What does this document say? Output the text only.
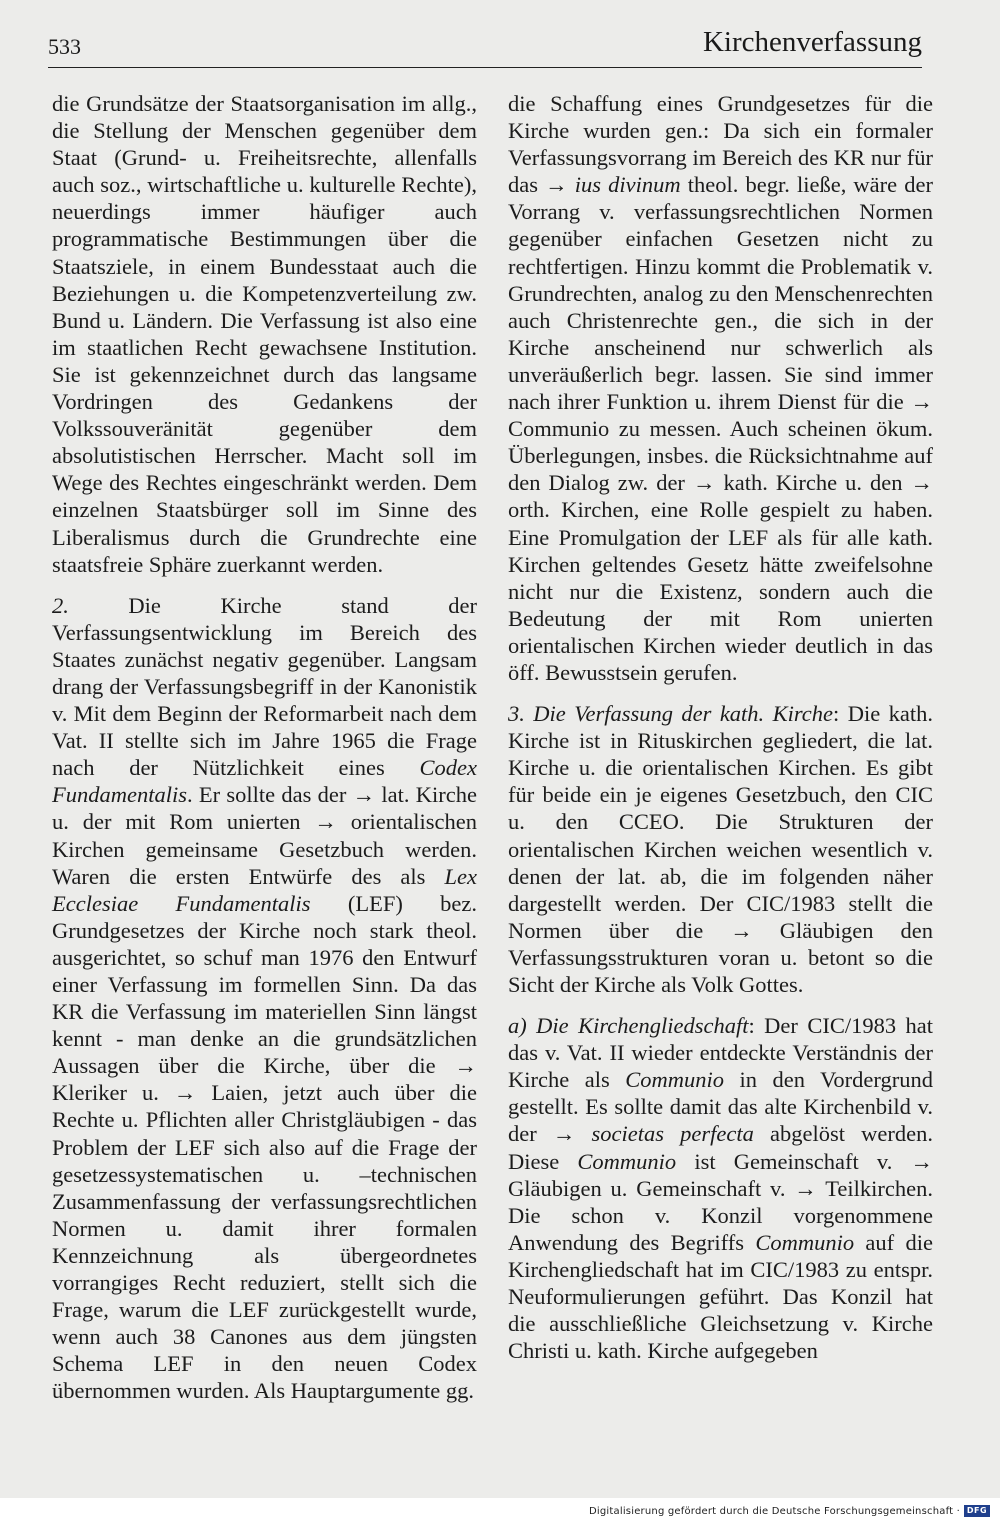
533	Kirchenverfassung

die Grundsätze der Staatsorganisation im allg., die Stellung der Menschen gegenüber dem Staat (Grund- u. Freiheitsrechte, allenfalls auch soz., wirtschaftliche u. kulturelle Rechte), neuerdings immer häufiger auch programmatische Bestimmungen über die Staatsziele, in einem Bundesstaat auch die Beziehungen u. die Kompetenzverteilung zw. Bund u. Ländern. Die Verfassung ist also eine im staatlichen Recht gewachsene Institution. Sie ist gekennzeichnet durch das langsame Vordringen des Gedankens der Volkssouveränität gegenüber dem absolutistischen Herrscher. Macht soll im Wege des Rechtes eingeschränkt werden. Dem einzelnen Staatsbürger soll im Sinne des Liberalismus durch die Grundrechte eine staatsfreie Sphäre zuerkannt werden.

2. Die Kirche stand der Verfassungsentwicklung im Bereich des Staates zunächst negativ gegenüber. Langsam drang der Verfassungsbegriff in der Kanonistik v. Mit dem Beginn der Reformarbeit nach dem Vat. II stellte sich im Jahre 1965 die Frage nach der Nützlichkeit eines Codex Fundamentalis. Er sollte das der → lat. Kirche u. der mit Rom unierten → orientalischen Kirchen gemeinsame Gesetzbuch werden. Waren die ersten Entwürfe des als Lex Ecclesiae Fundamentalis (LEF) bez. Grundgesetzes der Kirche noch stark theol. ausgerichtet, so schuf man 1976 den Entwurf einer Verfassung im formellen Sinn. Da das KR die Verfassung im materiellen Sinn längst kennt - man denke an die grundsätzlichen Aussagen über die Kirche, über die → Kleriker u. → Laien, jetzt auch über die Rechte u. Pflichten aller Christgläubigen - das Problem der LEF sich also auf die Frage der gesetzessystematischen u. –technischen Zusammenfassung der verfassungsrechtlichen Normen u. damit ihrer formalen Kennzeichnung als übergeordnetes vorrangiges Recht reduziert, stellt sich die Frage, warum die LEF zurückgestellt wurde, wenn auch 38 Canones aus dem jüngsten Schema LEF in den neuen Codex übernommen wurden. Als Hauptargumente gg.

die Schaffung eines Grundgesetzes für die Kirche wurden gen.: Da sich ein formaler Verfassungsvorrang im Bereich des KR nur für das → ius divinum theol. begr. ließe, wäre der Vorrang v. verfassungsrechtlichen Normen gegenüber einfachen Gesetzen nicht zu rechtfertigen. Hinzu kommt die Problematik v. Grundrechten, analog zu den Menschenrechten auch Christenrechte gen., die sich in der Kirche anscheinend nur schwerlich als unveräußerlich begr. lassen. Sie sind immer nach ihrer Funktion u. ihrem Dienst für die → Communio zu messen. Auch scheinen ökum. Überlegungen, insbes. die Rücksichtnahme auf den Dialog zw. der → kath. Kirche u. den → orth. Kirchen, eine Rolle gespielt zu haben. Eine Promulgation der LEF als für alle kath. Kirchen geltendes Gesetz hätte zweifelsohne nicht nur die Existenz, sondern auch die Bedeutung der mit Rom unierten orientalischen Kirchen wieder deutlich in das öff. Bewusstsein gerufen.

3. Die Verfassung der kath. Kirche: Die kath. Kirche ist in Rituskirchen gegliedert, die lat. Kirche u. die orientalischen Kirchen. Es gibt für beide ein je eigenes Gesetzbuch, den CIC u. den CCEO. Die Strukturen der orientalischen Kirchen weichen wesentlich v. denen der lat. ab, die im folgenden näher dargestellt werden. Der CIC/1983 stellt die Normen über die → Gläubigen den Verfassungsstrukturen voran u. betont so die Sicht der Kirche als Volk Gottes.

a) Die Kirchengliedschaft: Der CIC/1983 hat das v. Vat. II wieder entdeckte Verständnis der Kirche als Communio in den Vordergrund gestellt. Es sollte damit das alte Kirchenbild v. der → societas perfecta abgelöst werden. Diese Communio ist Gemeinschaft v. → Gläubigen u. Gemeinschaft v. → Teilkirchen. Die schon v. Konzil vorgenommene Anwendung des Begriffs Communio auf die Kirchengliedschaft hat im CIC/1983 zu entspr. Neuformulierungen geführt. Das Konzil hat die ausschließliche Gleichsetzung v. Kirche Christi u. kath. Kirche aufgegeben

Digitalisierung gefördert durch die Deutsche Forschungsgemeinschaft · DFG
